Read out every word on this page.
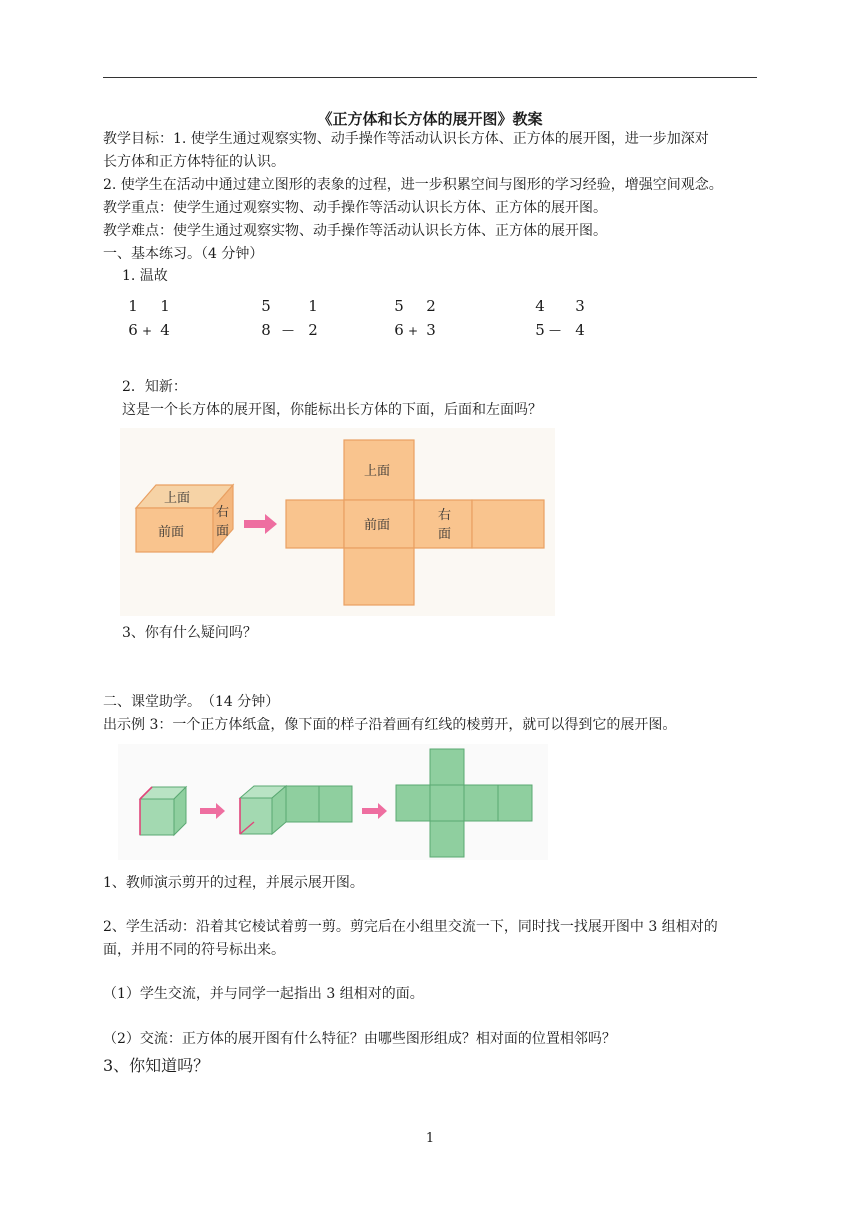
《正方体和长方体的展开图》教案
教学目标：1. 使学生通过观察实物、动手操作等活动认识长方体、正方体的展开图，进一步加深对
长方体和正方体特征的认识。
2. 使学生在活动中通过建立图形的表象的过程，进一步积累空间与图形的学习经验，增强空间观念。
教学重点：使学生通过观察实物、动手操作等活动认识长方体、正方体的展开图。
教学难点：使学生通过观察实物、动手操作等活动认识长方体、正方体的展开图。
一、基本练习。（4 分钟）
1. 温故
1
6 +
1
4
5
8 —
1
2
5
6 +
2
3
4
5 —
3
4
2．知新：
这是一个长方体的展开图，你能标出长方体的下面，后面和左面吗？
上面
前面
右
面
上面
前面
右
面
3、你有什么疑问吗？
二、课堂助学。　（14 分钟）
出示例 3：一个正方体纸盒，像下面的样子沿着画有红线的棱剪开，就可以得到它的展开图。
1、教师演示剪开的过程，并展示展开图。
2、学生活动：沿着其它棱试着剪一剪。剪完后在小组里交流一下，同时找一找展开图中 3 组相对的
面，并用不同的符号标出来。
（1）学生交流，并与同学一起指出 3 组相对的面。
（2）交流：正方体的展开图有什么特征？由哪些图形组成？相对面的位置相邻吗？
3、你知道吗？
1
